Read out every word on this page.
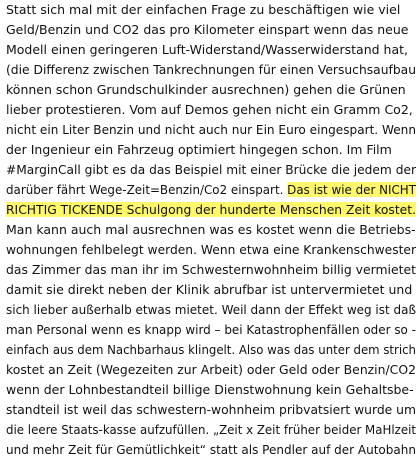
Statt sich mal mit der einfachen Frage zu beschäftigen wie viel
Geld/Benzin und CO2 das pro Kilometer einspart wenn das neue
Modell einen geringeren Luft-Widerstand/Wasserwiderstand hat,
(die Differenz zwischen Tankrechnungen für einen Versuchsaufbau
können schon Grundschulkinder ausrechnen) gehen die Grünen
lieber protestieren. Vom auf Demos gehen nicht ein Gramm Co2,
nicht ein Liter Benzin und nicht auch nur Ein Euro eingespart. Wenn
der Ingenieur ein Fahrzeug optimiert hingegen schon. Im Film
#MarginCall gibt es da das Beispiel mit einer Brücke die jedem der
darüber fährt Wege-Zeit=Benzin/Co2 einspart. Das ist wie der NICHT
RICHTIG TICKENDE Schulgong der hunderte Menschen Zeit kostet.
Man kann auch mal ausrechnen was es kostet wenn die Betriebs-
wohnungen fehlbelegt werden. Wenn etwa eine Krankenschwester
das Zimmer das man ihr im Schwesternwohnheim billig vermietet
damit sie direkt neben der Klinik abrufbar ist untervermietet und
sich lieber außerhalb etwas mietet. Weil dann der Effekt weg ist daß
man Personal wenn es knapp wird – bei Katastrophenfällen oder so -
einfach aus dem Nachbarhaus klingelt. Also was das unter dem strich
kostet an Zeit (Wegezeiten zur Arbeit) oder Geld oder Benzin/CO2
wenn der Lohnbestandteil billige Dienstwohnung kein Gehaltsbe-
standteil ist weil das schwestern-wohnheim pribvatsiert wurde um
die leere Staats-kasse aufzufüllen. „Zeit x Zeit früher beider MaHlzeit
und mehr Zeit für Gemütlichkeit“ statt als Pendler auf der Autobahn
